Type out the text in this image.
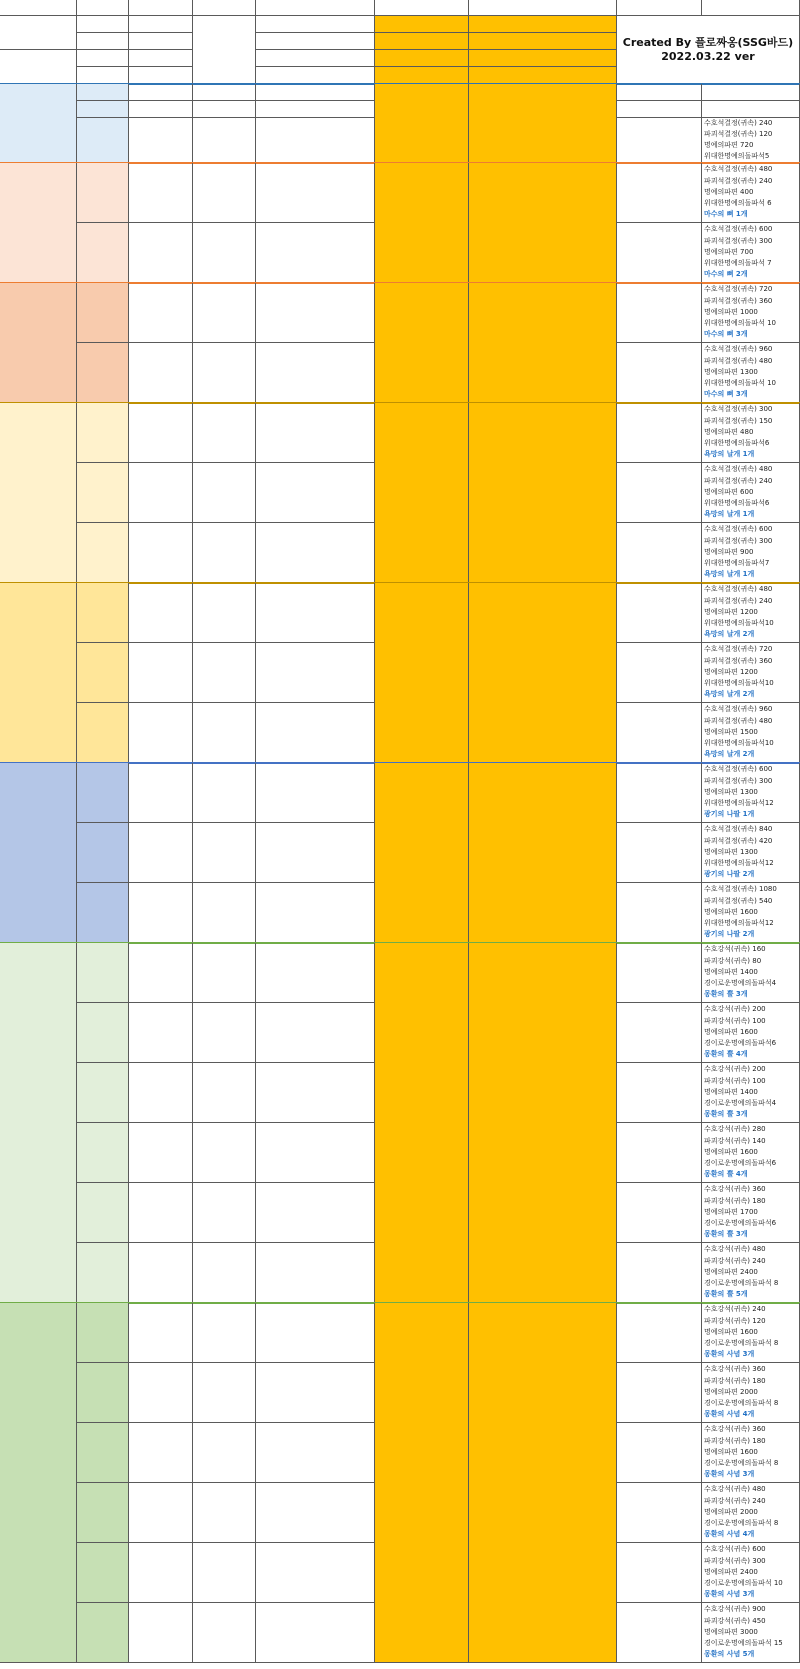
Created By 플로짜옹(SSG바드)
2022.03.22 ver
수호석결정(귀속) 240
파괴석결정(귀속) 120
명예의파편 720
위대한명예의돌파석5
수호석결정(귀속) 480
파괴석결정(귀속) 240
명예의파편 400
위대한명예의돌파석 6
마수의 뼈 1개
수호석결정(귀속) 600
파괴석결정(귀속) 300
명예의파편 700
위대한명예의돌파석 7
마수의 뼈 2개
수호석결정(귀속) 720
파괴석결정(귀속) 360
명예의파편 1000
위대한명예의돌파석 10
마수의 뼈 3개
수호석결정(귀속) 960
파괴석결정(귀속) 480
명예의파편 1300
위대한명예의돌파석 10
마수의 뼈 3개
수호석결정(귀속) 300
파괴석결정(귀속) 150
명예의파편 480
위대한명예의돌파석6
욕망의 날개 1개
수호석결정(귀속) 480
파괴석결정(귀속) 240
명예의파편 600
위대한명예의돌파석6
욕망의 날개 1개
수호석결정(귀속) 600
파괴석결정(귀속) 300
명예의파편 900
위대한명예의돌파석7
욕망의 날개 1개
수호석결정(귀속) 480
파괴석결정(귀속) 240
명예의파편 1200
위대한명예의돌파석10
욕망의 날개 2개
수호석결정(귀속) 720
파괴석결정(귀속) 360
명예의파편 1200
위대한명예의돌파석10
욕망의 날개 2개
수호석결정(귀속) 960
파괴석결정(귀속) 480
명예의파편 1500
위대한명예의돌파석10
욕망의 날개 2개
수호석결정(귀속) 600
파괴석결정(귀속) 300
명예의파편 1300
위대한명예의돌파석12
광기의 나팔 1개
수호석결정(귀속) 840
파괴석결정(귀속) 420
명예의파편 1300
위대한명예의돌파석12
광기의 나팔 2개
수호석결정(귀속) 1080
파괴석결정(귀속) 540
명예의파편 1600
위대한명예의돌파석12
광기의 나팔 2개
수호강석(귀속) 160
파괴강석(귀속) 80
명예의파편 1400
경이로운명예의돌파석4
몽환의 뿔 3개
수호강석(귀속) 200
파괴강석(귀속) 100
명예의파편 1600
경이로운명예의돌파석6
몽환의 뿔 4개
수호강석(귀속) 200
파괴강석(귀속) 100
명예의파편 1400
경이로운명예의돌파석4
몽환의 뿔 3개
수호강석(귀속) 280
파괴강석(귀속) 140
명예의파편 1600
경이로운명예의돌파석6
몽환의 뿔 4개
수호강석(귀속) 360
파괴강석(귀속) 180
명예의파편 1700
경이로운명예의돌파석6
몽환의 뿔 3개
수호강석(귀속) 480
파괴강석(귀속) 240
명예의파편 2400
경이로운명예의돌파석 8
몽환의 뿔 5개
수호강석(귀속) 240
파괴강석(귀속) 120
명예의파편 1600
경이로운명예의돌파석 8
몽환의 사념 3개
수호강석(귀속) 360
파괴강석(귀속) 180
명예의파편 2000
경이로운명예의돌파석 8
몽환의 사념 4개
수호강석(귀속) 360
파괴강석(귀속) 180
명예의파편 1600
경이로운명예의돌파석 8
몽환의 사념 3개
수호강석(귀속) 480
파괴강석(귀속) 240
명예의파편 2000
경이로운명예의돌파석 8
몽환의 사념 4개
수호강석(귀속) 600
파괴강석(귀속) 300
명예의파편 2400
경이로운명예의돌파석 10
몽환의 사념 3개
수호강석(귀속) 900
파괴강석(귀속) 450
명예의파편 3000
경이로운명예의돌파석 15
몽환의 사념 5개
